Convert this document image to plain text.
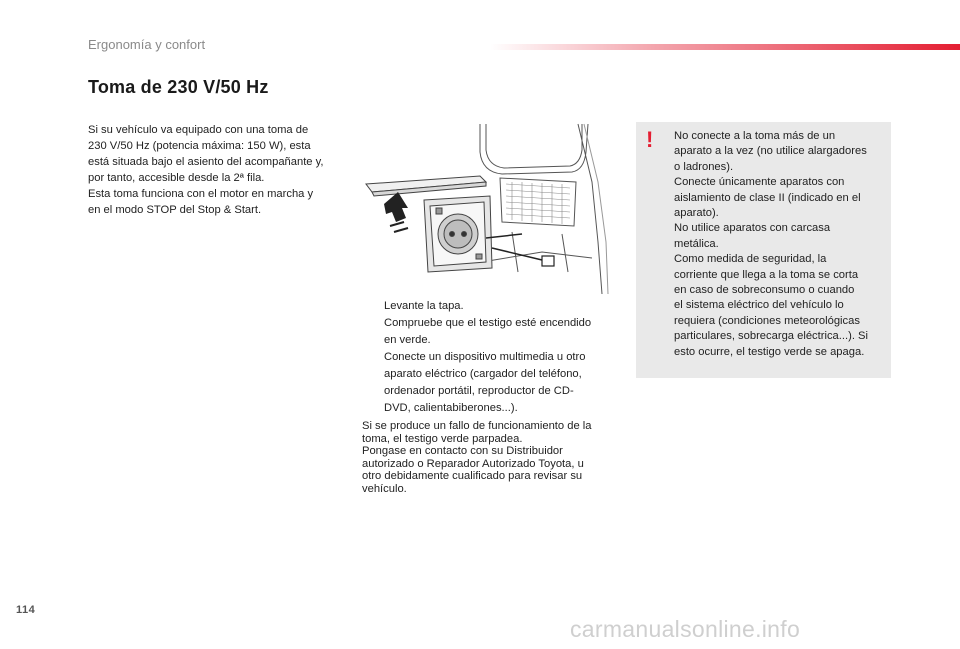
Ergonomía y confort
Toma de 230 V/50 Hz

Si su vehículo va equipado con una toma de

230 V/50 Hz (potencia máxima: 150 W), esta

está situada bajo el asiento del acompañante y,

por tanto, accesible desde la 2ª fila.

Esta toma funciona con el motor en marcha y

en el modo STOP del Stop & Start.

Levante la tapa.
Compruebe que el testigo esté encendido
en verde.
Conecte un dispositivo multimedia u otro
aparato eléctrico (cargador del teléfono,
ordenador portátil, reproductor de CD-
DVD, calientabiberones...).

Si se produce un fallo de funcionamiento de la

toma, el testigo verde parpadea.

Pongase en contacto con su Distribuidor

autorizado o Reparador Autorizado Toyota, u

otro debidamente cualificado para revisar su

vehículo.

! No conecte a la toma más de un

aparato a la vez (no utilice alargadores

o ladrones).

Conecte únicamente aparatos con

aislamiento de clase II (indicado en el

aparato).

No utilice aparatos con carcasa

metálica.

Como medida de seguridad, la

corriente que llega a la toma se corta

en caso de sobreconsumo o cuando

el sistema eléctrico del vehículo lo

requiera (condiciones meteorológicas

particulares, sobrecarga eléctrica...). Si

esto ocurre, el testigo verde se apaga.

114
carmanualsonline.info
